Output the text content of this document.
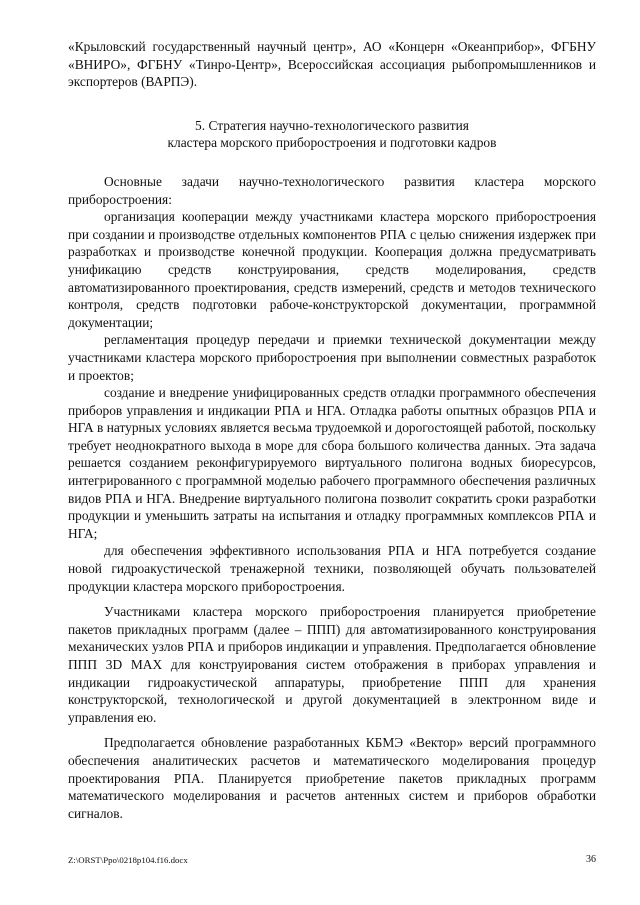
«Крыловский государственный научный центр», АО «Концерн «Океанприбор», ФГБНУ «ВНИРО», ФГБНУ «Тинро-Центр», Всероссийская ассоциация рыбопромышленников и экспортеров (ВАРПЭ).

5. Стратегия научно-технологического развития
кластера морского приборостроения и подготовки кадров

Основные задачи научно-технологического развития кластера морского приборостроения:

организация кооперации между участниками кластера морского приборостроения при создании и производстве отдельных компонентов РПА с целью снижения издержек при разработках и производстве конечной продукции. Кооперация должна предусматривать унификацию средств конструирования, средств моделирования, средств автоматизированного проектирования, средств измерений, средств и методов технического контроля, средств подготовки рабоче-конструкторской документации, программной документации;

регламентация процедур передачи и приемки технической документации между участниками кластера морского приборостроения при выполнении совместных разработок и проектов;

создание и внедрение унифицированных средств отладки программного обеспечения приборов управления и индикации РПА и НГА. Отладка работы опытных образцов РПА и НГА в натурных условиях является весьма трудоемкой и дорогостоящей работой, поскольку требует неоднократного выхода в море для сбора большого количества данных. Эта задача решается созданием реконфигурируемого виртуального полигона водных биоресурсов, интегрированного с программной моделью рабочего программного обеспечения различных видов РПА и НГА. Внедрение виртуального полигона позволит сократить сроки разработки продукции и уменьшить затраты на испытания и отладку программных комплексов РПА и НГА;

для обеспечения эффективного использования РПА и НГА потребуется создание новой гидроакустической тренажерной техники, позволяющей обучать пользователей продукции кластера морского приборостроения.

Участниками кластера морского приборостроения планируется приобретение пакетов прикладных программ (далее – ППП) для автоматизированного конструирования механических узлов РПА и приборов индикации и управления. Предполагается обновление ППП 3D MAX для конструирования систем отображения в приборах управления и индикации гидроакустической аппаратуры, приобретение ППП для хранения конструкторской, технологической и другой документацией в электронном виде и управления ею.

Предполагается обновление разработанных КБМЭ «Вектор» версий программного обеспечения аналитических расчетов и математического моделирования процедур проектирования РПА. Планируется приобретение пакетов прикладных программ математического моделирования и расчетов антенных систем и приборов обработки сигналов.

Z:\ORST\Ppo\0218p104.f16.docx	36
